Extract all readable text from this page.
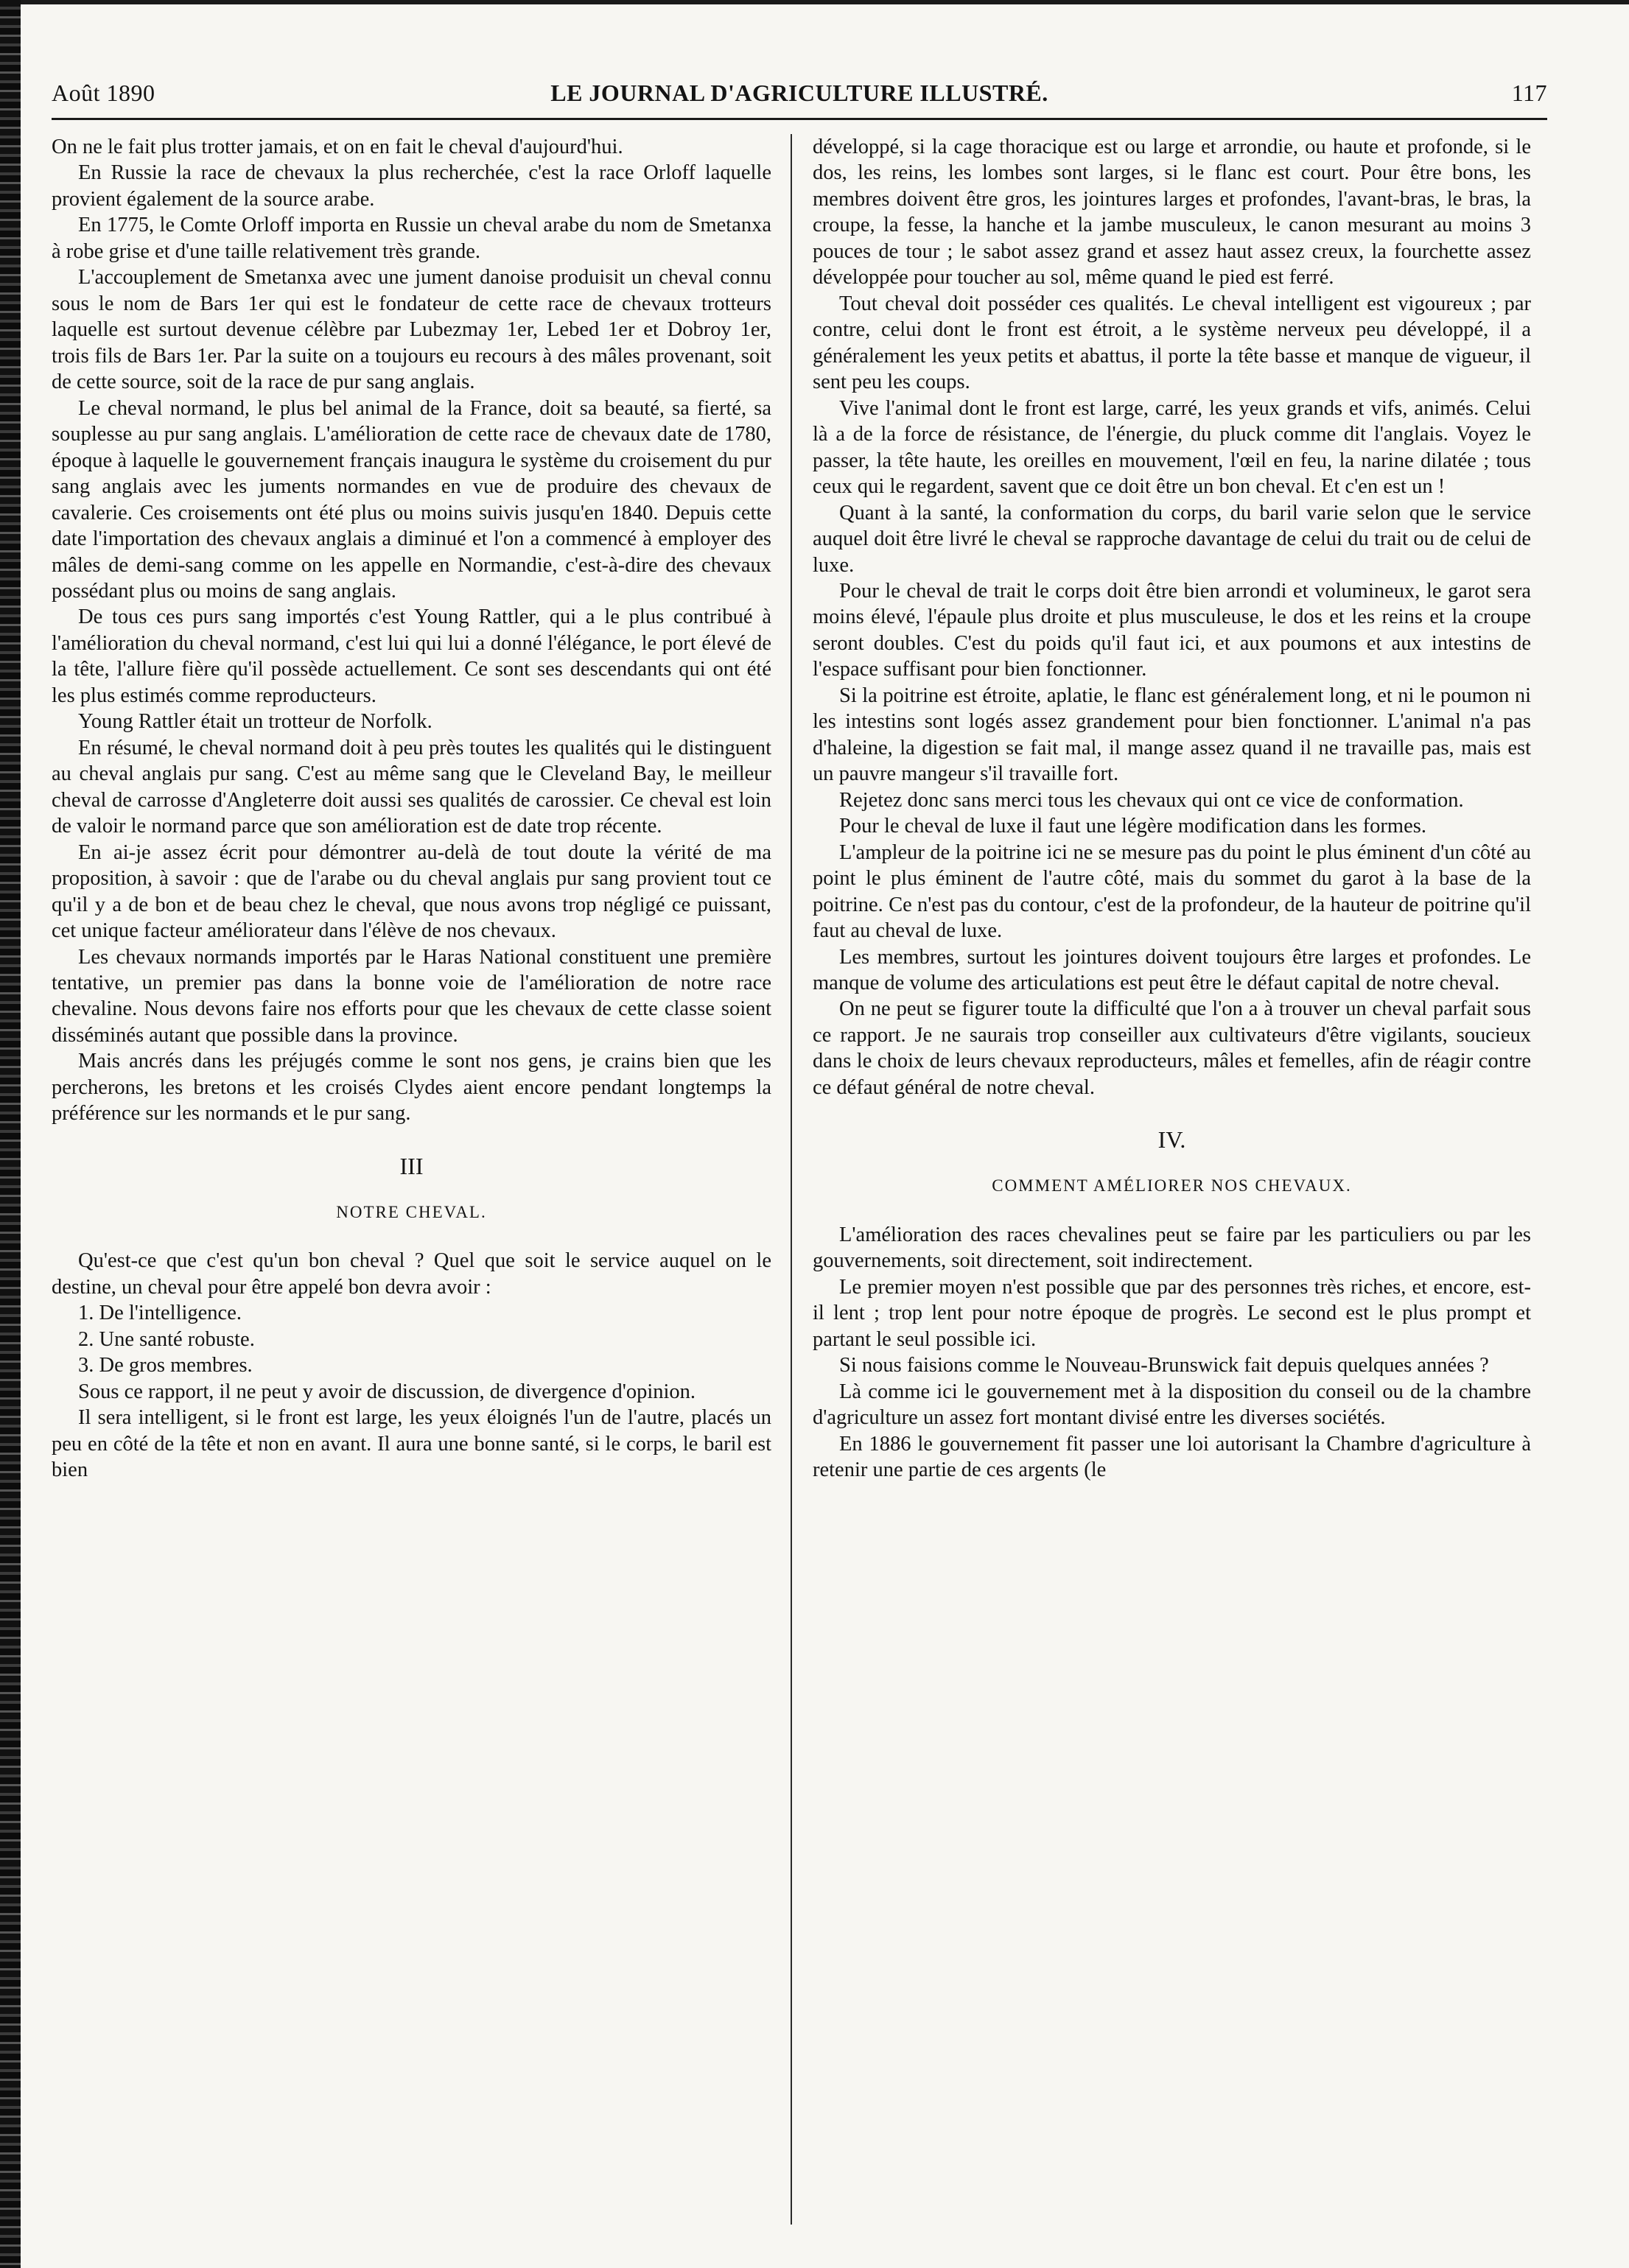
Août 1890	LE JOURNAL D'AGRICULTURE ILLUSTRÉ.	117

On ne le fait plus trotter jamais, et on en fait le cheval d'aujourd'hui.

En Russie la race de chevaux la plus recherchée, c'est la race Orloff laquelle provient également de la source arabe.

En 1775, le Comte Orloff importa en Russie un cheval arabe du nom de Smetanxa à robe grise et d'une taille relativement très grande.

L'accouplement de Smetanxa avec une jument danoise produisit un cheval connu sous le nom de Bars 1er qui est le fondateur de cette race de chevaux trotteurs laquelle est surtout devenue célèbre par Lubezmay 1er, Lebed 1er et Dobroy 1er, trois fils de Bars 1er. Par la suite on a toujours eu recours à des mâles provenant, soit de cette source, soit de la race de pur sang anglais.

Le cheval normand, le plus bel animal de la France, doit sa beauté, sa fierté, sa souplesse au pur sang anglais. L'amélioration de cette race de chevaux date de 1780, époque à laquelle le gouvernement français inaugura le système du croisement du pur sang anglais avec les juments normandes en vue de produire des chevaux de cavalerie. Ces croisements ont été plus ou moins suivis jusqu'en 1840. Depuis cette date l'importation des chevaux anglais a diminué et l'on a commencé à employer des mâles de demi-sang comme on les appelle en Normandie, c'est-à-dire des chevaux possédant plus ou moins de sang anglais.

De tous ces purs sang importés c'est Young Rattler, qui a le plus contribué à l'amélioration du cheval normand, c'est lui qui lui a donné l'élégance, le port élevé de la tête, l'allure fière qu'il possède actuellement. Ce sont ses descendants qui ont été les plus estimés comme reproducteurs.

Young Rattler était un trotteur de Norfolk.

En résumé, le cheval normand doit à peu près toutes les qualités qui le distinguent au cheval anglais pur sang. C'est au même sang que le Cleveland Bay, le meilleur cheval de carrosse d'Angleterre doit aussi ses qualités de carossier. Ce cheval est loin de valoir le normand parce que son amélioration est de date trop récente.

En ai-je assez écrit pour démontrer au-delà de tout doute la vérité de ma proposition, à savoir : que de l'arabe ou du cheval anglais pur sang provient tout ce qu'il y a de bon et de beau chez le cheval, que nous avons trop négligé ce puissant, cet unique facteur améliorateur dans l'élève de nos chevaux.

Les chevaux normands importés par le Haras National constituent une première tentative, un premier pas dans la bonne voie de l'amélioration de notre race chevaline. Nous devons faire nos efforts pour que les chevaux de cette classe soient disséminés autant que possible dans la province.

Mais ancrés dans les préjugés comme le sont nos gens, je crains bien que les percherons, les bretons et les croisés Clydes aient encore pendant longtemps la préférence sur les normands et le pur sang.

III
NOTRE CHEVAL.

Qu'est-ce que c'est qu'un bon cheval ? Quel que soit le service auquel on le destine, un cheval pour être appelé bon devra avoir :

1. De l'intelligence.

2. Une santé robuste.

3. De gros membres.

Sous ce rapport, il ne peut y avoir de discussion, de divergence d'opinion.

Il sera intelligent, si le front est large, les yeux éloignés l'un de l'autre, placés un peu en côté de la tête et non en avant. Il aura une bonne santé, si le corps, le baril est bien

développé, si la cage thoracique est ou large et arrondie, ou haute et profonde, si le dos, les reins, les lombes sont larges, si le flanc est court. Pour être bons, les membres doivent être gros, les jointures larges et profondes, l'avant-bras, le bras, la croupe, la fesse, la hanche et la jambe musculeux, le canon mesurant au moins 3 pouces de tour ; le sabot assez grand et assez haut assez creux, la fourchette assez développée pour toucher au sol, même quand le pied est ferré.

Tout cheval doit posséder ces qualités. Le cheval intelligent est vigoureux ; par contre, celui dont le front est étroit, a le système nerveux peu développé, il a généralement les yeux petits et abattus, il porte la tête basse et manque de vigueur, il sent peu les coups.

Vive l'animal dont le front est large, carré, les yeux grands et vifs, animés. Celui là a de la force de résistance, de l'énergie, du pluck comme dit l'anglais. Voyez le passer, la tête haute, les oreilles en mouvement, l'œil en feu, la narine dilatée ; tous ceux qui le regardent, savent que ce doit être un bon cheval. Et c'en est un !

Quant à la santé, la conformation du corps, du baril varie selon que le service auquel doit être livré le cheval se rapproche davantage de celui du trait ou de celui de luxe.

Pour le cheval de trait le corps doit être bien arrondi et volumineux, le garot sera moins élevé, l'épaule plus droite et plus musculeuse, le dos et les reins et la croupe seront doubles. C'est du poids qu'il faut ici, et aux poumons et aux intestins de l'espace suffisant pour bien fonctionner.

Si la poitrine est étroite, aplatie, le flanc est généralement long, et ni le poumon ni les intestins sont logés assez grandement pour bien fonctionner. L'animal n'a pas d'haleine, la digestion se fait mal, il mange assez quand il ne travaille pas, mais est un pauvre mangeur s'il travaille fort.

Rejetez donc sans merci tous les chevaux qui ont ce vice de conformation.

Pour le cheval de luxe il faut une légère modification dans les formes.

L'ampleur de la poitrine ici ne se mesure pas du point le plus éminent d'un côté au point le plus éminent de l'autre côté, mais du sommet du garot à la base de la poitrine. Ce n'est pas du contour, c'est de la profondeur, de la hauteur de poitrine qu'il faut au cheval de luxe.

Les membres, surtout les jointures doivent toujours être larges et profondes. Le manque de volume des articulations est peut être le défaut capital de notre cheval.

On ne peut se figurer toute la difficulté que l'on a à trouver un cheval parfait sous ce rapport. Je ne saurais trop conseiller aux cultivateurs d'être vigilants, soucieux dans le choix de leurs chevaux reproducteurs, mâles et femelles, afin de réagir contre ce défaut général de notre cheval.

IV.
COMMENT AMÉLIORER NOS CHEVAUX.

L'amélioration des races chevalines peut se faire par les particuliers ou par les gouvernements, soit directement, soit indirectement.

Le premier moyen n'est possible que par des personnes très riches, et encore, est-il lent ; trop lent pour notre époque de progrès. Le second est le plus prompt et partant le seul possible ici.

Si nous faisions comme le Nouveau-Brunswick fait depuis quelques années ?

Là comme ici le gouvernement met à la disposition du conseil ou de la chambre d'agriculture un assez fort montant divisé entre les diverses sociétés.

En 1886 le gouvernement fit passer une loi autorisant la Chambre d'agriculture à retenir une partie de ces argents (le
